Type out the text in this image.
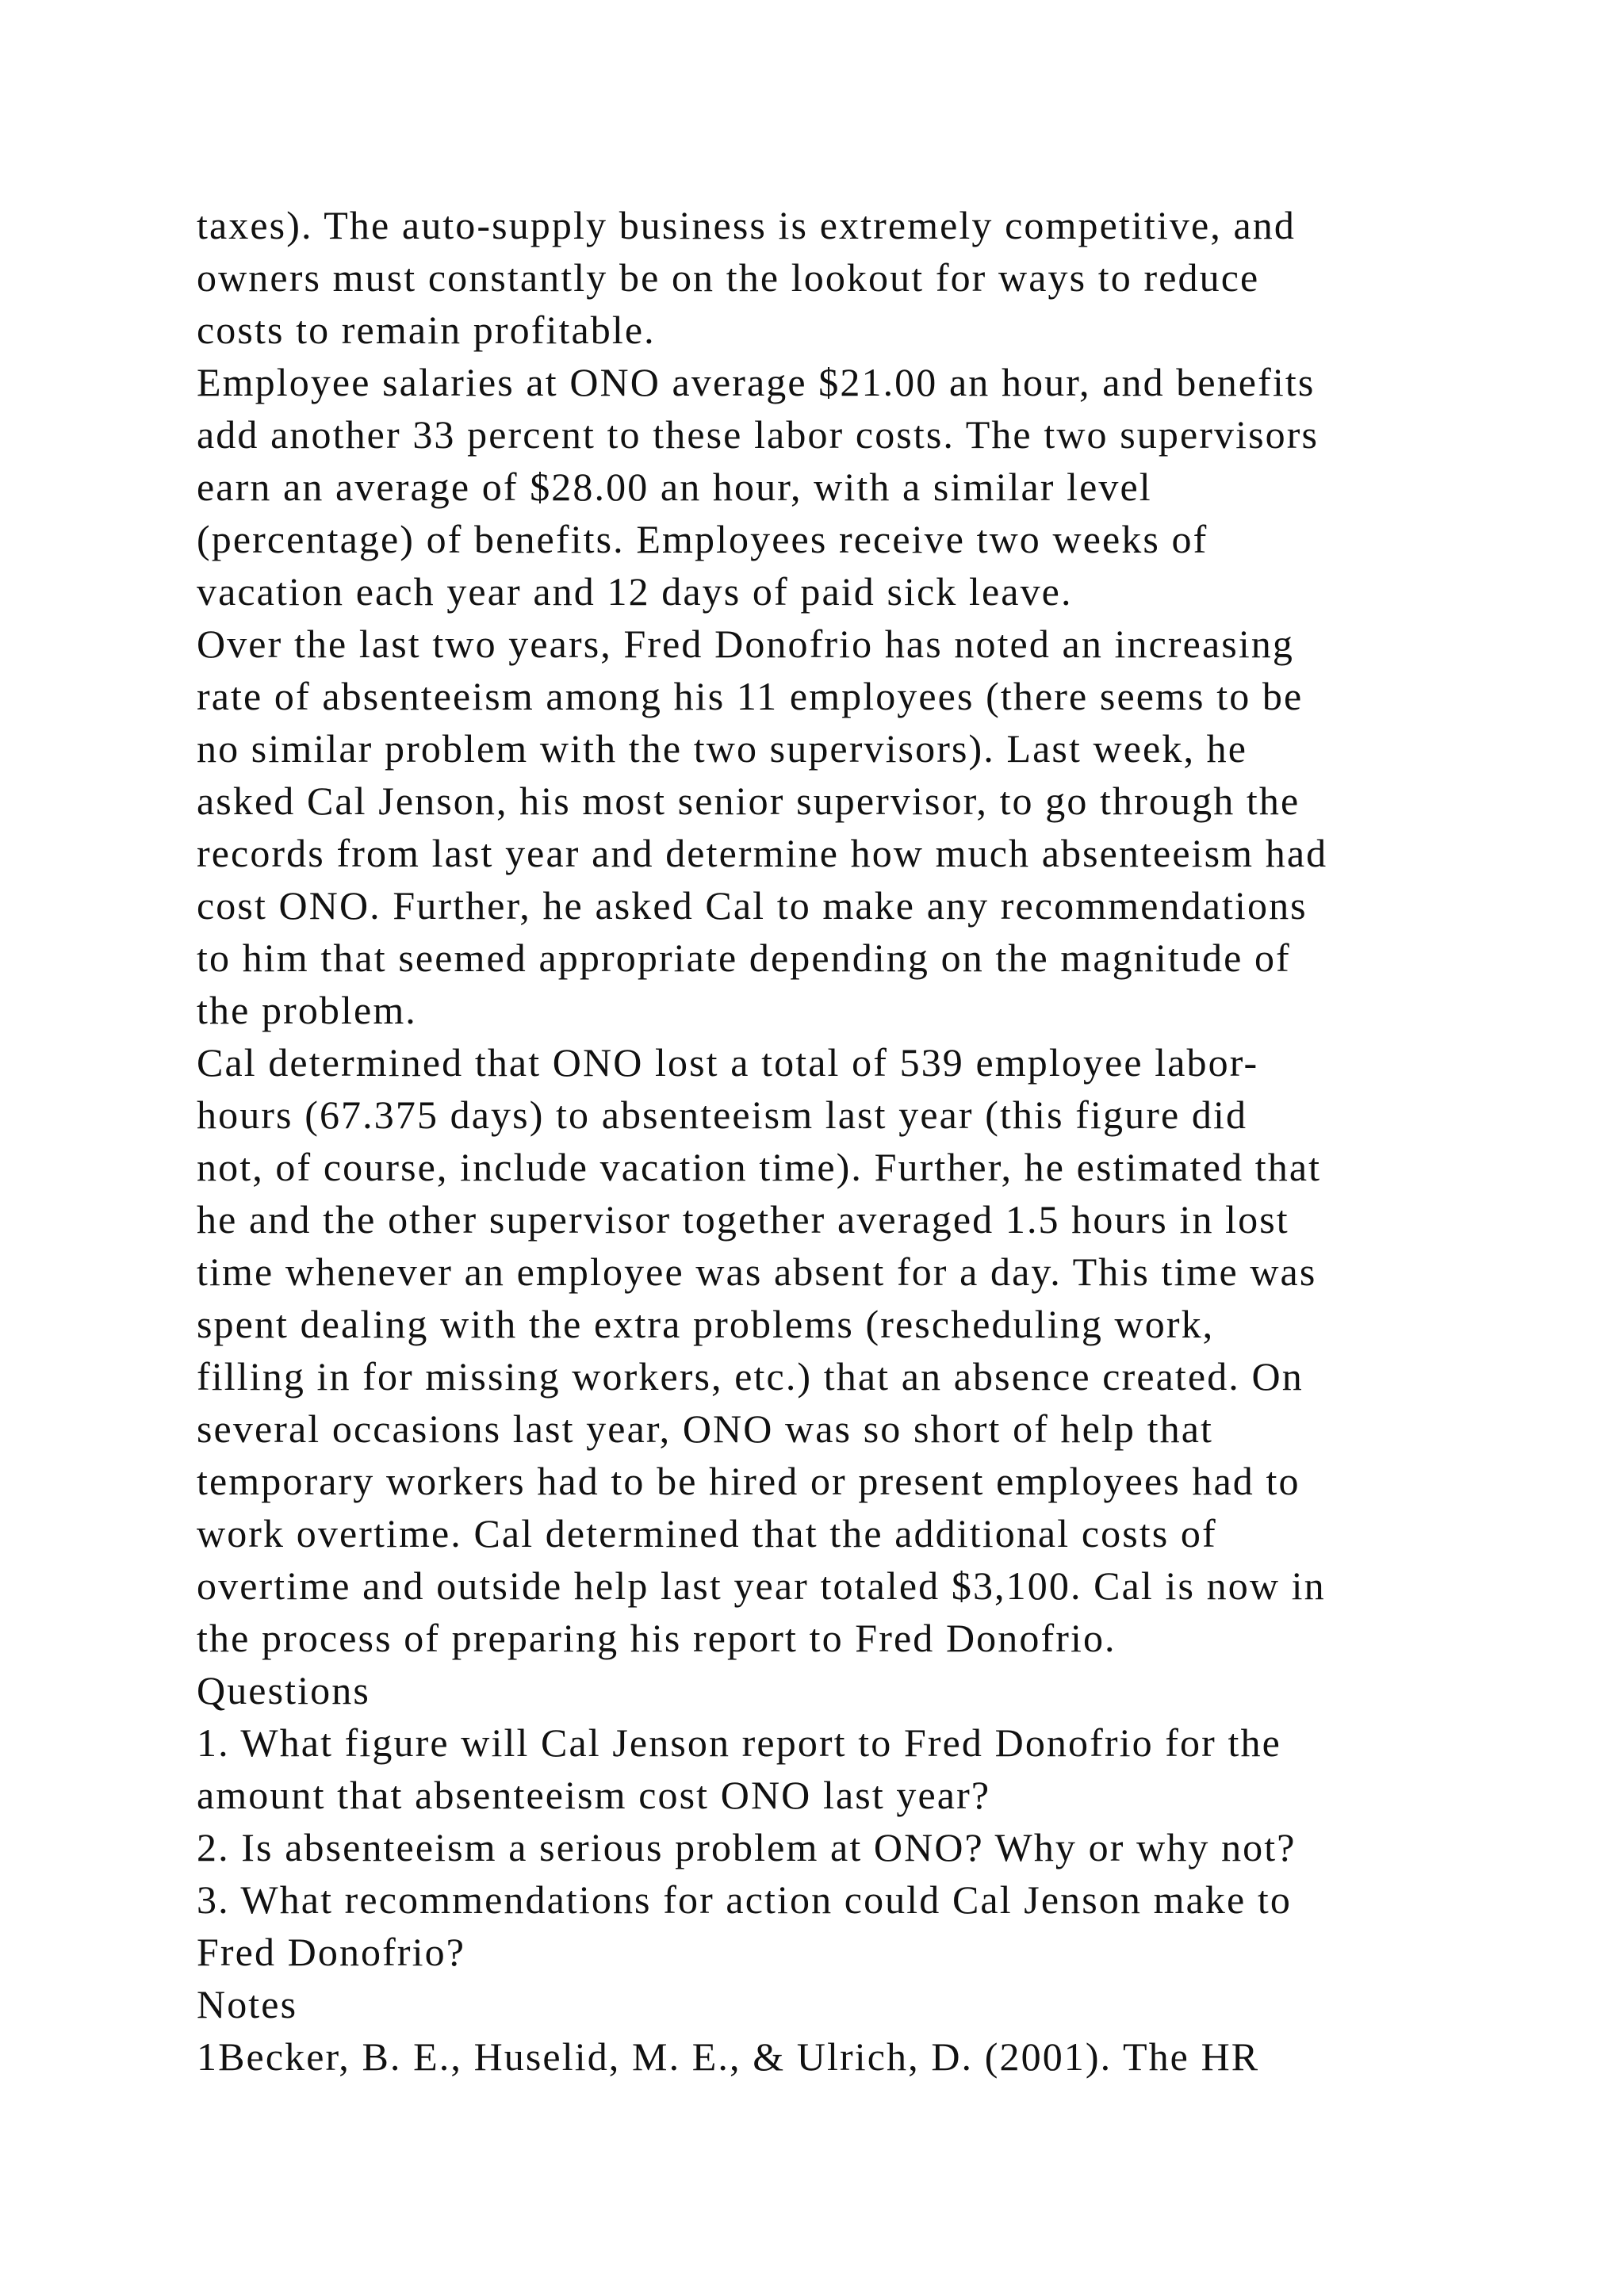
taxes). The auto-supply business is extremely competitive, and
owners must constantly be on the lookout for ways to reduce
costs to remain profitable.
Employee salaries at ONO average $21.00 an hour, and benefits
add another 33 percent to these labor costs. The two supervisors
earn an average of $28.00 an hour, with a similar level
(percentage) of benefits. Employees receive two weeks of
vacation each year and 12 days of paid sick leave.
Over the last two years, Fred Donofrio has noted an increasing
rate of absenteeism among his 11 employees (there seems to be
no similar problem with the two supervisors). Last week, he
asked Cal Jenson, his most senior supervisor, to go through the
records from last year and determine how much absenteeism had
cost ONO. Further, he asked Cal to make any recommendations
to him that seemed appropriate depending on the magnitude of
the problem.
Cal determined that ONO lost a total of 539 employee labor-
hours (67.375 days) to absenteeism last year (this figure did
not, of course, include vacation time). Further, he estimated that
he and the other supervisor together averaged 1.5 hours in lost
time whenever an employee was absent for a day. This time was
spent dealing with the extra problems (rescheduling work,
filling in for missing workers, etc.) that an absence created. On
several occasions last year, ONO was so short of help that
temporary workers had to be hired or present employees had to
work overtime. Cal determined that the additional costs of
overtime and outside help last year totaled $3,100. Cal is now in
the process of preparing his report to Fred Donofrio.
Questions
1. What figure will Cal Jenson report to Fred Donofrio for the
amount that absenteeism cost ONO last year?
2. Is absenteeism a serious problem at ONO? Why or why not?
3. What recommendations for action could Cal Jenson make to
Fred Donofrio?
Notes
1Becker, B. E., Huselid, M. E., & Ulrich, D. (2001). The HR
